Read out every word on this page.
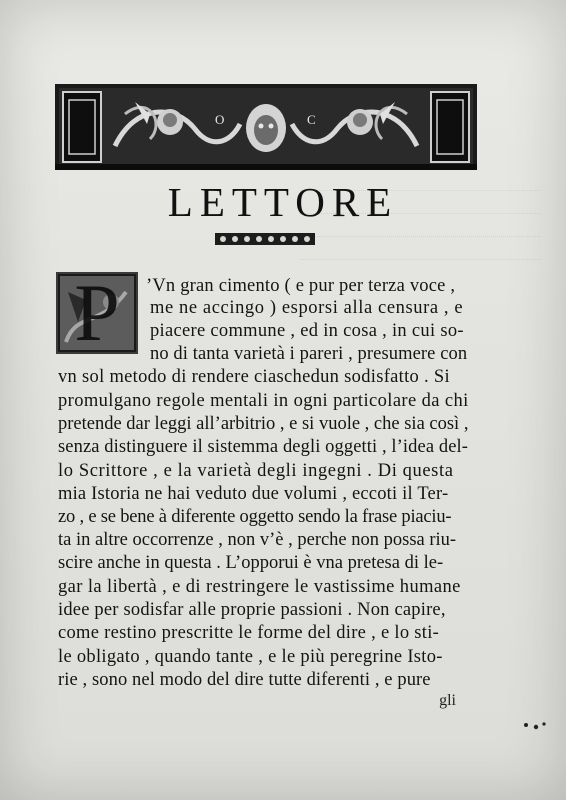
O	C
LETTORE
P	’Vn gran cimento ( e pur per terza voce ,
me ne accingo ) esporsi alla censura , e
piacere commune , ed in cosa , in cui so-
no di tanta varietà i pareri , presumere con
vn sol metodo di rendere ciaschedun sodisfatto . Si
promulgano regole mentali in ogni particolare da chi
pretende dar leggi all’arbitrio , e si vuole , che sia così ,
senza distinguere il sistemma degli oggetti , l’idea del-
lo Scrittore , e la varietà degli ingegni . Di questa
mia Istoria ne hai veduto due volumi , eccoti il Ter-
zo , e se bene à diferente oggetto sendo la frase piaciu-
ta in altre occorrenze , non v’è , perche non possa riu-
scire anche in questa . L’opporui è vna pretesa di le-
gar la libertà , e di restringere le vastissime humane
idee per sodisfar alle proprie passioni . Non capire,
come restino prescritte le forme del dire , e lo sti-
le obligato , quando tante , e le più peregrine Isto-
rie , sono nel modo del dire tutte diferenti , e pure
gli
